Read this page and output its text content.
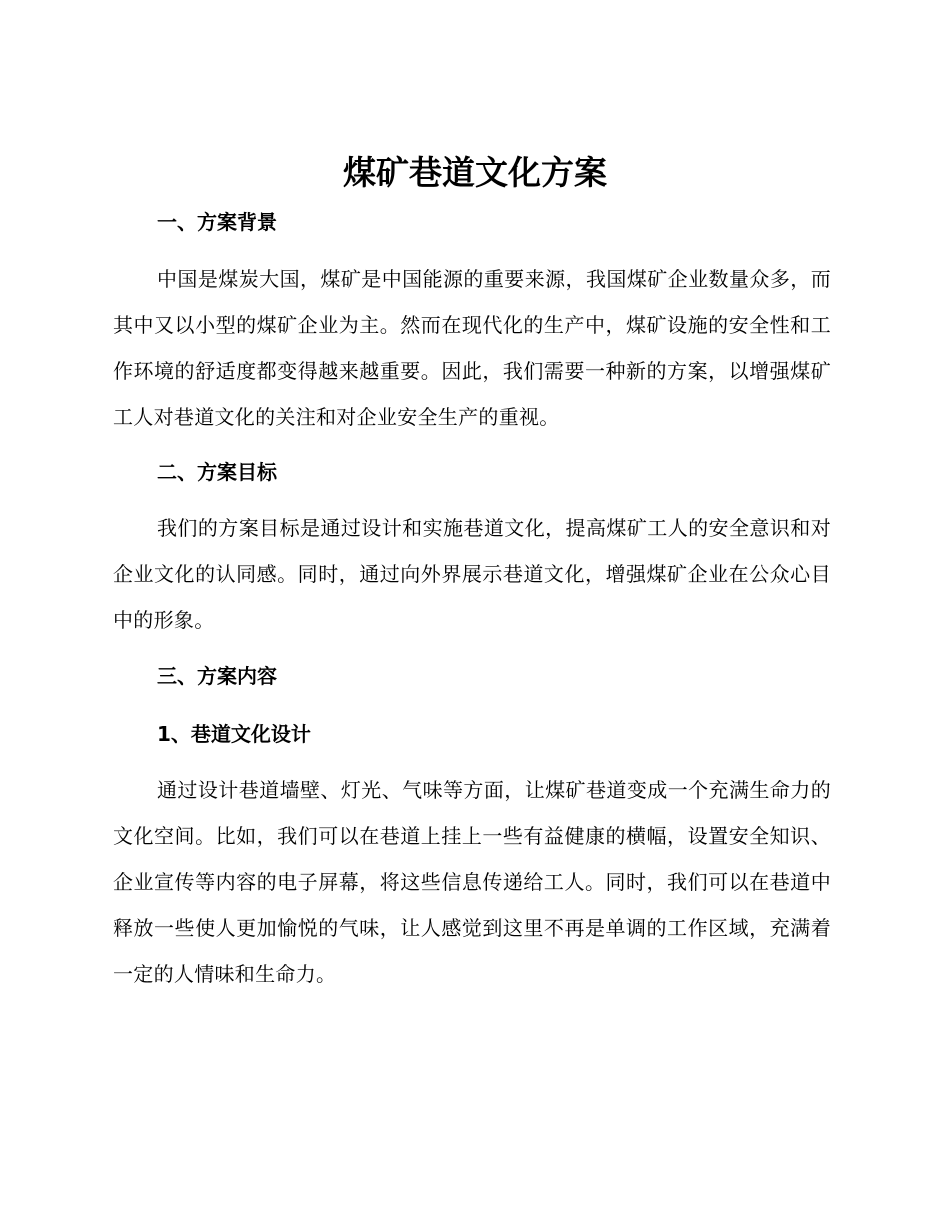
煤矿巷道文化方案
一、方案背景

中国是煤炭大国，煤矿是中国能源的重要来源，我国煤矿企业数量众多，而其中又以小型的煤矿企业为主。然而在现代化的生产中，煤矿设施的安全性和工作环境的舒适度都变得越来越重要。因此，我们需要一种新的方案，以增强煤矿工人对巷道文化的关注和对企业安全生产的重视。

二、方案目标

我们的方案目标是通过设计和实施巷道文化，提高煤矿工人的安全意识和对企业文化的认同感。同时，通过向外界展示巷道文化，增强煤矿企业在公众心目中的形象。

三、方案内容
1、巷道文化设计

通过设计巷道墙壁、灯光、气味等方面，让煤矿巷道变成一个充满生命力的文化空间。比如，我们可以在巷道上挂上一些有益健康的横幅，设置安全知识、企业宣传等内容的电子屏幕，将这些信息传递给工人。同时，我们可以在巷道中释放一些使人更加愉悦的气味，让人感觉到这里不再是单调的工作区域，充满着一定的人情味和生命力。
